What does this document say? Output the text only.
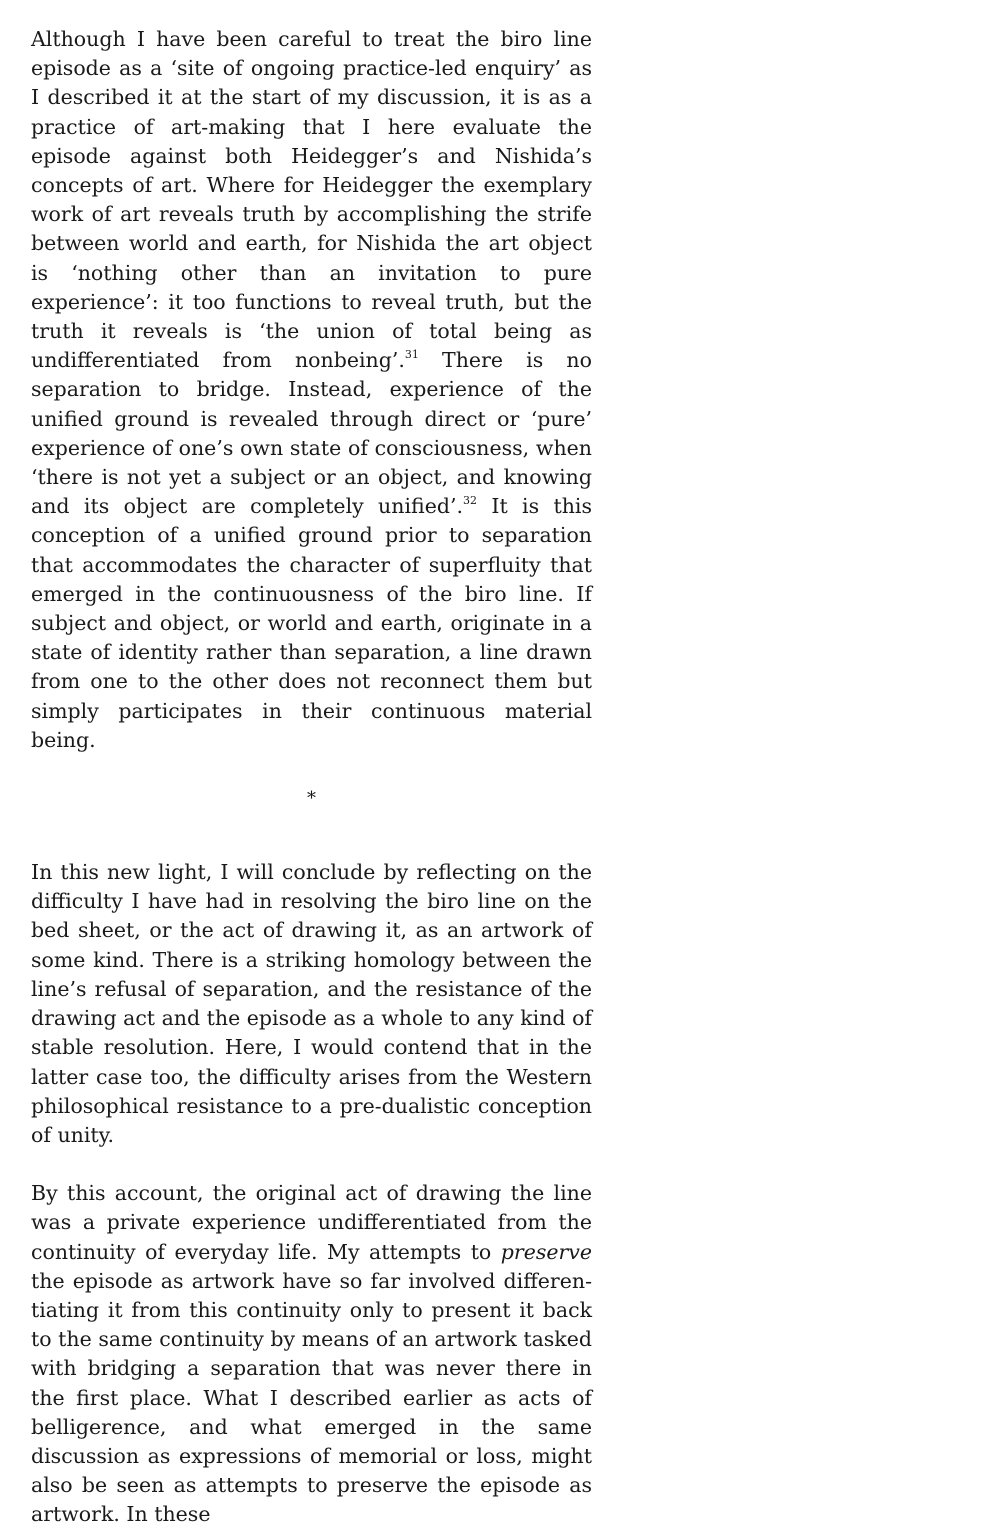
Although I have been careful to treat the biro line episode as a ‘site of ongoing practice-led enquiry’ as I described it at the start of my discussion, it is as a practice of art-making that I here evaluate the episode against both Heidegger’s and Nishida’s concepts of art. Where for Heidegger the exemplary work of art reveals truth by accomplishing the strife between world and earth, for Nishida the art object is ‘nothing other than an invitation to pure experience’: it too functions to reveal truth, but the truth it reveals is ‘the union of total being as undifferentiated from nonbeing’.$^{31}$ There is no separation to bridge. Instead, experience of the unified ground is revealed through direct or ‘pure’ experience of one’s own state of consciousness, when ‘there is not yet a subject or an object, and knowing and its object are completely unified’.$^{32}$ It is this conception of a unified ground prior to separation that accommodates the character of superfluity that emerged in the continuousness of the biro line. If subject and object, or world and earth, originate in a state of identity rather than separation, a line drawn from one to the other does not reconnect them but simply participates in their continuous material being.

*

In this new light, I will conclude by reflecting on the difficulty I have had in resolving the biro line on the bed sheet, or the act of drawing it, as an artwork of some kind. There is a striking homology between the line’s refusal of separation, and the resistance of the drawing act and the episode as a whole to any kind of stable resolution. Here, I would contend that in the latter case too, the difficulty arises from the Western philosophical resistance to a pre-dualistic conception of unity.

By this account, the original act of drawing the line was a private experience undifferentiated from the continuity of everyday life. My attempts to preserve the episode as artwork have so far involved differentiating it from this continuity only to present it back to the same continuity by means of an artwork tasked with bridging a separation that was never there in the first place. What I described earlier as acts of belligerence, and what emerged in the same discussion as expressions of memorial or loss, might also be seen as attempts to preserve the episode as artwork. In these
